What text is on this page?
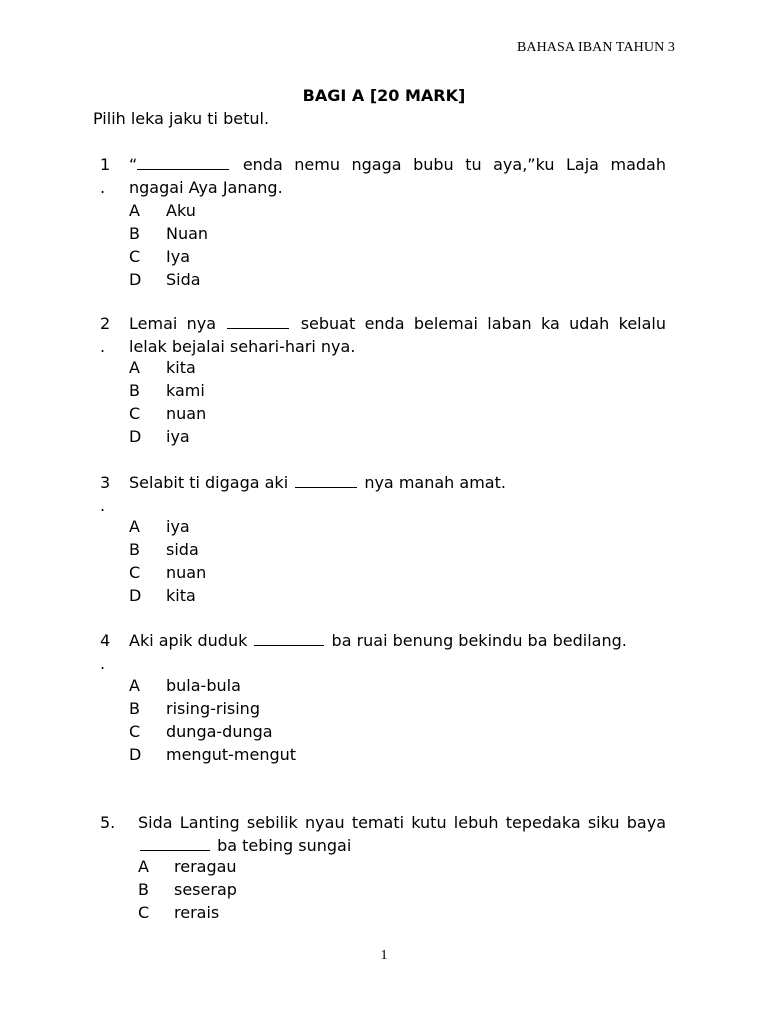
BAHASA IBAN TAHUN 3
BAGI A [20 MARK]
Pilih leka jaku ti betul.
1
.
“	enda nemu ngaga bubu tu aya,”ku Laja madah ngagai Aya Janang.
A	Aku
B	Nuan
C	Iya
D	Sida
2
.
Lemai nya	sebuat enda belemai laban ka udah kelalu lelak bejalai sehari-hari nya.
A	kita
B	kami
C	nuan
D	iya
3
.
Selabit ti digaga aki	nya manah amat.
A	iya
B	sida
C	nuan
D	kita
4
.
Aki apik duduk	ba ruai benung bekindu ba bedilang.
A	bula-bula
B	rising-rising
C	dunga-dunga
D	mengut-mengut
5. Sida Lanting sebilik nyau temati kutu lebuh tepedaka siku baya  ba tebing sungai
A	reragau
B	seserap
C	rerais
1
